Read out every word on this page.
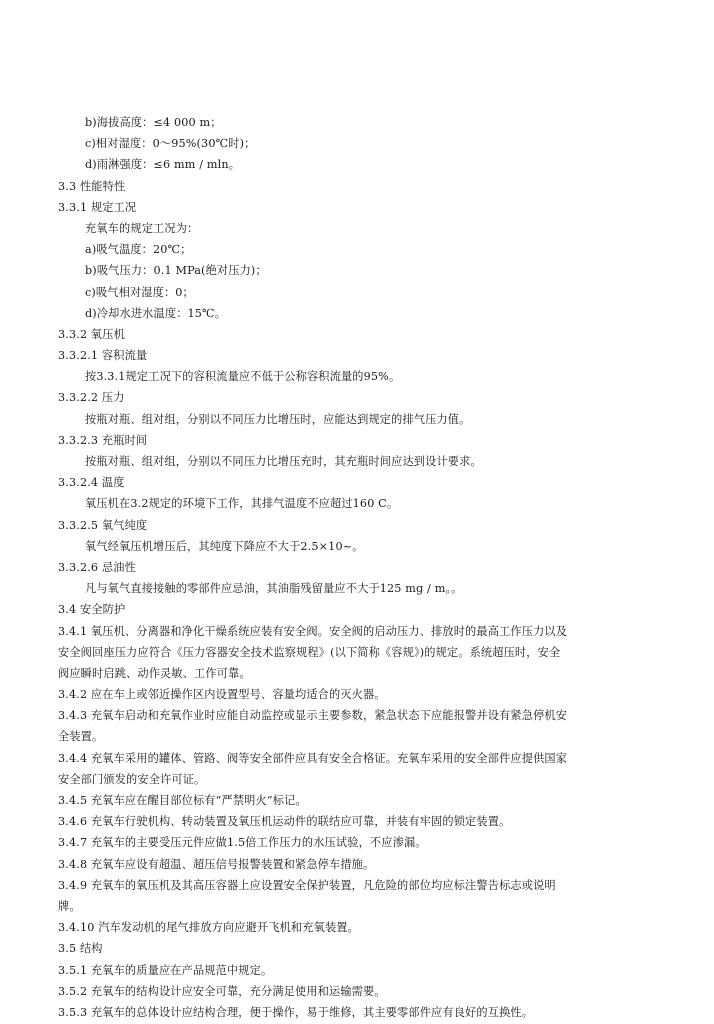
b)海拔高度：≤4 000 m；
c)相对湿度：0～95%(30℃时)；
d)雨淋强度：≤6 mm / mln。
3.3 性能特性
3.3.1 规定工况
充氧车的规定工况为：
a)吸气温度：20℃；
b)吸气压力：0.1 MPa(绝对压力)；
c)吸气相对湿度：0；
d)冷却水进水温度：15℃。
3.3.2 氧压机
3.3.2.1 容积流量
按3.3.1规定工况下的容积流量应不低于公称容积流量的95%。
3.3.2.2 压力
按瓶对瓶、组对组，分别以不同压力比增压时，应能达到规定的排气压力值。
3.3.2.3 充瓶时间
按瓶对瓶、组对组，分别以不同压力比增压充时，其充瓶时间应达到设计要求。
3.3.2.4 温度
氧压机在3.2规定的环境下工作，其排气温度不应超过160 C。
3.3.2.5 氧气纯度
氧气经氧压机增压后，其纯度下降应不大于2.5×10~。
3.3.2.6 忌油性
凡与氧气直接接触的零部件应忌油，其油脂残留量应不大于125 mg / m。。
3.4 安全防护
3.4.1 氧压机、分离器和净化干燥系统应装有安全阀。安全阀的启动压力、排放时的最高工作压力以及
安全阀回座压力应符合《压力容器安全技术监察规程》(以下简称《容规》)的规定。系统超压时，安全
阀应瞬时启跳、动作灵敏、工作可靠。
3.4.2 应在车上或邻近操作区内设置型号、容量均适合的灭火器。
3.4.3 充氧车启动和充氧作业时应能自动监控或显示主要参数，紧急状态下应能报警并设有紧急停机安
全装置。
3.4.4 充氧车采用的罐体、管路、阀等安全部件应具有安全合格证。充氧车采用的安全部件应提供国家
安全部门颁发的安全许可证。
3.4.5 充氧车应在醒目部位标有“严禁明火”标记。
3.4.6 充氧车行驶机构、转动装置及氧压机运动件的联结应可靠，并装有牢固的锁定装置。
3.4.7 充氧车的主要受压元件应做1.5倍工作压力的水压试验，不应渗漏。
3.4.8 充氧车应设有超温、超压信号报警装置和紧急停车措施。
3.4.9 充氧车的氧压机及其高压容器上应设置安全保护装置，凡危险的部位均应标注警告标志或说明
牌。
3.4.10 汽车发动机的尾气排放方向应避开飞机和充氧装置。
3.5 结构
3.5.1 充氧车的质量应在产品规范中规定。
3.5.2 充氧车的结构设计应安全可靠，充分满足使用和运输需要。
3.5.3 充氧车的总体设计应结构合理，便于操作，易于维修，其主要零部件应有良好的互换性。
